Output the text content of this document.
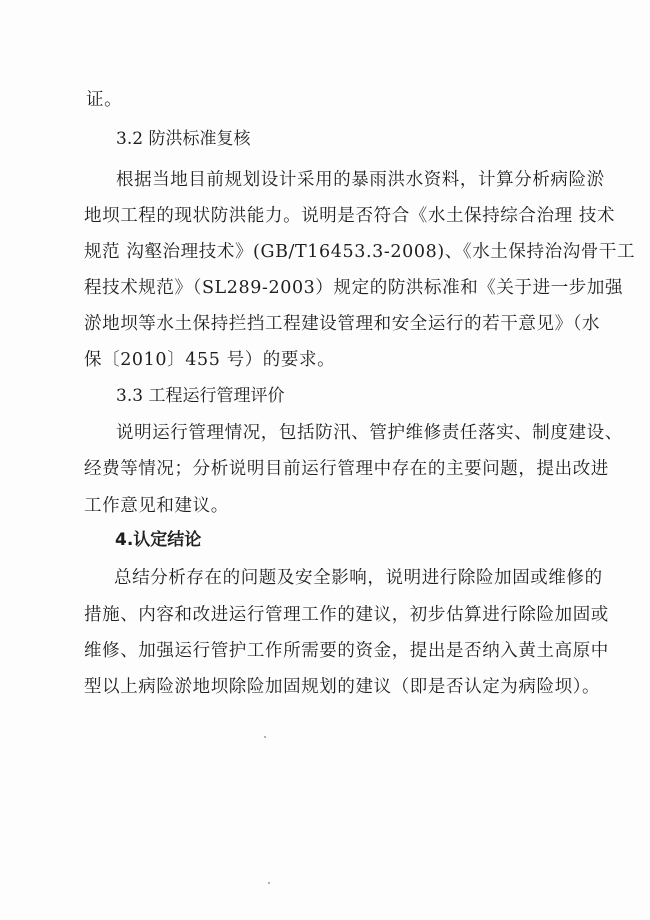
证。
3.2 防洪标准复核
根据当地目前规划设计采用的暴雨洪水资料，计算分析病险淤
地坝工程的现状防洪能力。说明是否符合《水土保持综合治理 技术
规范 沟壑治理技术》(GB/T16453.3-2008)、《水土保持治沟骨干工
程技术规范》（SL289-2003）规定的防洪标准和《关于进一步加强
淤地坝等水土保持拦挡工程建设管理和安全运行的若干意见》（水
保〔2010〕455 号）的要求。
3.3 工程运行管理评价
说明运行管理情况，包括防汛、管护维修责任落实、制度建设、
经费等情况；分析说明目前运行管理中存在的主要问题，提出改进
工作意见和建议。
4.认定结论
总结分析存在的问题及安全影响，说明进行除险加固或维修的
措施、内容和改进运行管理工作的建议，初步估算进行除险加固或
维修、加强运行管护工作所需要的资金，提出是否纳入黄土高原中
型以上病险淤地坝除险加固规划的建议（即是否认定为病险坝）。
